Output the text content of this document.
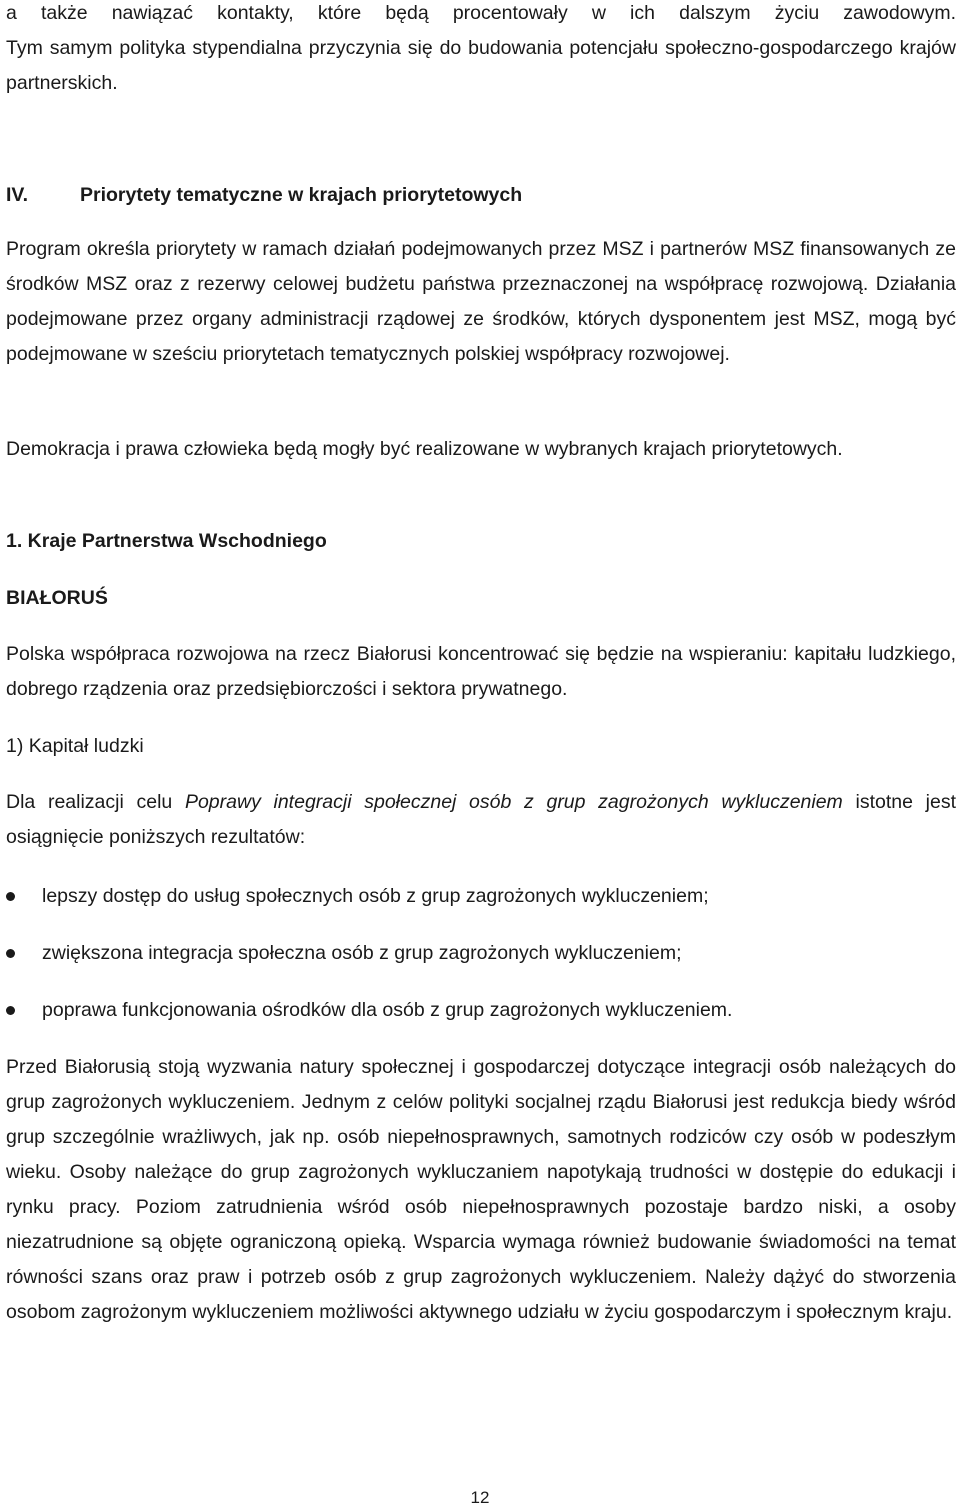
a także nawiązać kontakty, które będą procentowały w ich dalszym życiu zawodowym.

Tym samym polityka stypendialna przyczynia się do budowania potencjału społeczno-gospodarczego krajów partnerskich.

IV.	Priorytety tematyczne w krajach priorytetowych

Program określa priorytety w ramach działań podejmowanych przez MSZ i partnerów MSZ finansowanych ze środków MSZ oraz z rezerwy celowej budżetu państwa przeznaczonej na współpracę rozwojową. Działania podejmowane przez organy administracji rządowej ze środków, których dysponentem jest MSZ, mogą być podejmowane w sześciu priorytetach tematycznych polskiej współpracy rozwojowej.

Demokracja i prawa człowieka będą mogły być realizowane w wybranych krajach priorytetowych.

1. Kraje Partnerstwa Wschodniego
BIAŁORUŚ

Polska współpraca rozwojowa na rzecz Białorusi koncentrować się będzie na wspieraniu: kapitału ludzkiego, dobrego rządzenia oraz przedsiębiorczości i sektora prywatnego.

1) Kapitał ludzki

Dla realizacji celu Poprawy integracji społecznej osób z grup zagrożonych wykluczeniem istotne jest osiągnięcie poniższych rezultatów:

lepszy dostęp do usług społecznych osób z grup zagrożonych wykluczeniem;
zwiększona integracja społeczna osób z grup zagrożonych wykluczeniem;
poprawa funkcjonowania ośrodków dla osób z grup zagrożonych wykluczeniem.

Przed Białorusią stoją wyzwania natury społecznej i gospodarczej dotyczące integracji osób należących do grup zagrożonych wykluczeniem. Jednym z celów polityki socjalnej rządu Białorusi jest redukcja biedy wśród grup szczególnie wrażliwych, jak np. osób niepełnosprawnych, samotnych rodziców czy osób w podeszłym wieku. Osoby należące do grup zagrożonych wykluczaniem napotykają trudności w dostępie do edukacji i rynku pracy. Poziom zatrudnienia wśród osób niepełnosprawnych pozostaje bardzo niski, a osoby niezatrudnione są objęte ograniczoną opieką. Wsparcia wymaga również budowanie świadomości na temat równości szans oraz praw i potrzeb osób z grup zagrożonych wykluczeniem. Należy dążyć do stworzenia osobom zagrożonym wykluczeniem możliwości aktywnego udziału w życiu gospodarczym i społecznym kraju.

12
